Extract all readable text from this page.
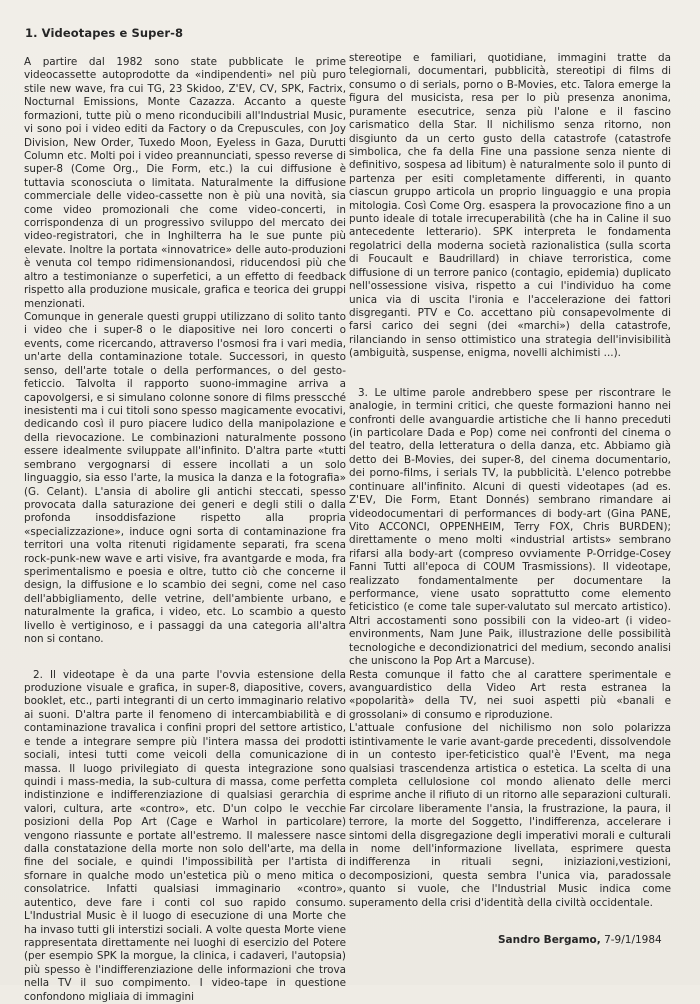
1. Videotapes e Super-8

A partire dal 1982 sono state pubblicate le prime videocassette autoprodotte da «indipendenti» nel più puro stile new wave, fra cui TG, 23 Skidoo, Z'EV, CV, SPK, Factrix, Nocturnal Emissions, Monte Cazazza. Accanto a queste formazioni, tutte più o meno riconducibili all'Industrial Music, vi sono poi i video editi da Factory o da Crepuscules, con Joy Division, New Order, Tuxedo Moon, Eyeless in Gaza, Durutti Column etc. Molti poi i video preannunciati, spesso reverse di super-8 (Come Org., Die Form, etc.) la cui diffusione è tuttavia sconosciuta o limitata. Naturalmente la diffusione commerciale delle video-cassette non è più una novità, sia come video promozionali che come video-concerti, in corrispondenza di un progressivo sviluppo del mercato dei video-registratori, che in Inghilterra ha le sue punte più elevate. Inoltre la portata «innovatrice» delle auto-produzioni è venuta col tempo ridimensionandosi, riducendosi più che altro a testimonianze o superfetici, a un effetto di feedback rispetto alla produzione musicale, grafica e teorica dei gruppi menzionati.

Comunque in generale questi gruppi utilizzano di solito tanto i video che i super-8 o le diapositive nei loro concerti o events, come ricercando, attraverso l'osmosi fra i vari media, un'arte della contaminazione totale. Successori, in questo senso, dell'arte totale o della performances, o del gesto-feticcio. Talvolta il rapporto suono-immagine arriva a capovolgersi, e si simulano colonne sonore di films presscché inesistenti ma i cui titoli sono spesso magicamente evocativi, dedicando così il puro piacere ludico della manipolazione e della rievocazione. Le combinazioni naturalmente possono essere idealmente sviluppate all'infinito. D'altra parte «tutti sembrano vergognarsi di essere incollati a un solo linguaggio, sia esso l'arte, la musica la danza e la fotografia» (G. Celant). L'ansia di abolire gli antichi steccati, spesso provocata dalla saturazione dei generi e degli stili o dalla profonda insoddisfazione rispetto alla propria «specializzazione», induce ogni sorta di contaminazione fra territori una volta ritenuti rigidamente separati, fra scena rock-punk-new wave e arti visive, fra avantgarde e moda, fra sperimentalismo e poesia e oltre, tutto ciò che concerne il design, la diffusione e lo scambio dei segni, come nel caso dell'abbigliamento, delle vetrine, dell'ambiente urbano, e naturalmente la grafica, i video, etc. Lo scambio a questo livello è vertiginoso, e i passaggi da una categoria all'altra non si contano.

2. Il videotape è da una parte l'ovvia estensione della produzione visuale e grafica, in super-8, diapositive, covers, booklet, etc., parti integranti di un certo immaginario relativo ai suoni. D'altra parte il fenomeno di intercambiabilità e di contaminazione travalica i confini propri del settore artistico, e tende a integrare sempre più l'intera massa dei prodotti sociali, intesi tutti come veicoli della comunicazione di massa. Il luogo privilegiato di questa integrazione sono quindi i mass-media, la sub-cultura di massa, come perfetta indistinzione e indifferenziazione di qualsiasi gerarchia di valori, cultura, arte «contro», etc. D'un colpo le vecchie posizioni della Pop Art (Cage e Warhol in particolare) vengono riassunte e portate all'estremo. Il malessere nasce dalla constatazione della morte non solo dell'arte, ma della fine del sociale, e quindi l'impossibilità per l'artista di sfornare in qualche modo un'estetica più o meno mitica o consolatrice. Infatti qualsiasi immaginario «contro», autentico, deve fare i conti col suo rapido consumo. L'Industrial Music è il luogo di esecuzione di una Morte che ha invaso tutti gli interstizi sociali. A volte questa Morte viene rappresentata direttamente nei luoghi di esercizio del Potere (per esempio SPK la morgue, la clinica, i cadaveri, l'autopsia) più spesso è l'indifferenziazione delle informazioni che trova nella TV il suo compimento. I video-tape in questione confondono migliaia di immagini

stereotipe e familiari, quotidiane, immagini tratte da telegiornali, documentari, pubblicità, stereotipi di films di consumo o di serials, porno o B-Movies, etc. Talora emerge la figura del musicista, resa per lo più presenza anonima, puramente esecutrice, senza più l'alone e il fascino carismatico della Star. Il nichilismo senza ritorno, non disgiunto da un certo gusto della catastrofe (catastrofe simbolica, che fa della Fine una passione senza niente di definitivo, sospesa ad libitum) è naturalmente solo il punto di partenza per esiti completamente differenti, in quanto ciascun gruppo articola un proprio linguaggio e una propia mitologia. Così Come Org. esaspera la provocazione fino a un punto ideale di totale irrecuperabilità (che ha in Caline il suo antecedente letterario). SPK interpreta le fondamenta regolatrici della moderna società razionalistica (sulla scorta di Foucault e Baudrillard) in chiave terroristica, come diffusione di un terrore panico (contagio, epidemia) duplicato nell'ossessione visiva, rispetto a cui l'individuo ha come unica via di uscita l'ironia e l'accelerazione dei fattori disgreganti. PTV e Co. accettano più consapevolmente di farsi carico dei segni (dei «marchi») della catastrofe, rilanciando in senso ottimistico una strategia dell'invisibilità (ambiguità, suspense, enigma, novelli alchimisti ...).

3. Le ultime parole andrebbero spese per riscontrare le analogie, in termini critici, che queste formazioni hanno nei confronti delle avanguardie artistiche che li hanno preceduti (in particolare Dada e Pop) come nei confronti del cinema o del teatro, della letteratura o della danza, etc. Abbiamo già detto dei B-Movies, dei super-8, del cinema documentario, dei porno-films, i serials TV, la pubblicità. L'elenco potrebbe continuare all'infinito. Alcuni di questi videotapes (ad es. Z'EV, Die Form, Etant Donnés) sembrano rimandare ai videodocumentari di performances di body-art (Gina PANE, Vito ACCONCI, OPPENHEIM, Terry FOX, Chris BURDEN); direttamente o meno molti «industrial artists» sembrano rifarsi alla body-art (compreso ovviamente P-Orridge-Cosey Fanni Tutti all'epoca di COUM Trasmissions). Il videotape, realizzato fondamentalmente per documentare la performance, viene usato soprattutto come elemento feticistico (e come tale super-valutato sul mercato artistico). Altri accostamenti sono possibili con la video-art (i video-environments, Nam June Paik, illustrazione delle possibilità tecnologiche e decondizionatrici del medium, secondo analisi che uniscono la Pop Art a Marcuse).

Resta comunque il fatto che al carattere sperimentale e avanguardistico della Video Art resta estranea la «popolarità» della TV, nei suoi aspetti più «banali e grossolani» di consumo e riproduzione.

L'attuale confusione del nichilismo non solo polarizza istintivamente le varie avant-garde precedenti, dissolvendole in un contesto iper-feticistico qual'è l'Event, ma nega qualsiasi trascendenza artistica o estetica. La scelta di una completa cellulosione col mondo alienato delle merci esprime anche il rifiuto di un ritorno alle separazioni culturali. Far circolare liberamente l'ansia, la frustrazione, la paura, il terrore, la morte del Soggetto, l'indifferenza, accelerare i sintomi della disgregazione degli imperativi morali e culturali in nome dell'informazione livellata, esprimere questa indifferenza in rituali segni, iniziazioni,vestizioni, decomposizioni, questa sembra l'unica via, paradossale quanto si vuole, che l'Industrial Music indica come superamento della crisi d'identità della civiltà occidentale.

Sandro Bergamo, 7-9/1/1984
